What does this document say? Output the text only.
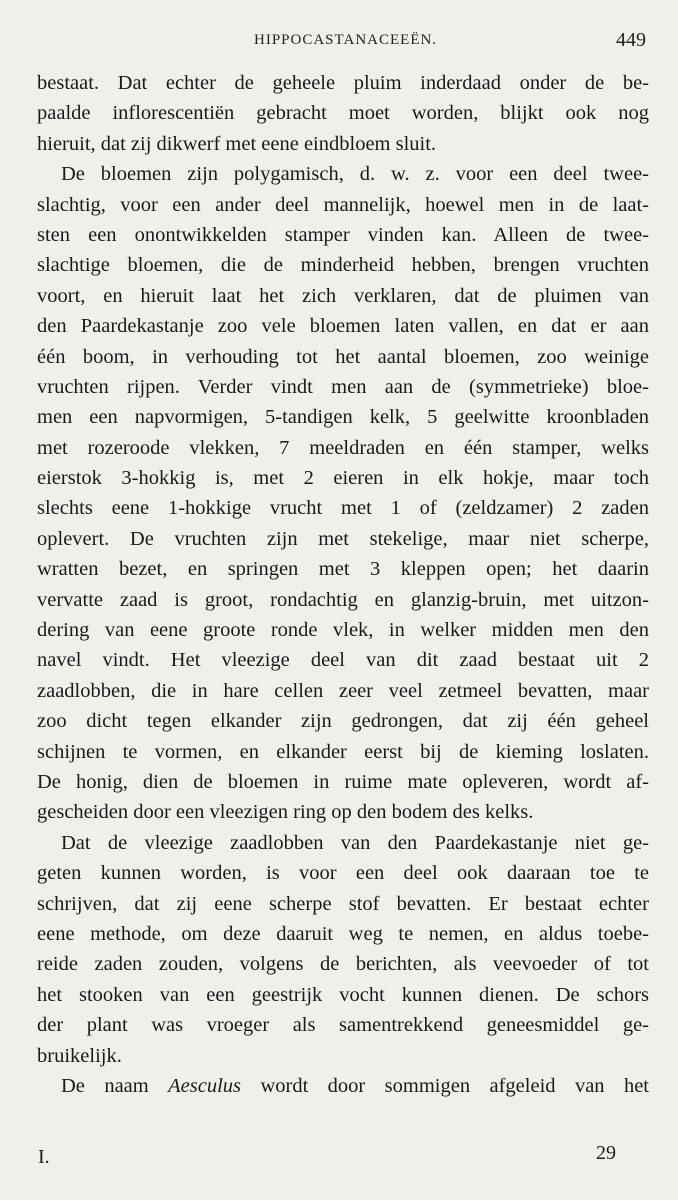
HIPPOCASTANACEEËN.	449
bestaat. Dat echter de geheele pluim inderdaad onder de be-
paalde inflorescentiën gebracht moet worden, blijkt ook nog
hieruit, dat zij dikwerf met eene eindbloem sluit.
De bloemen zijn polygamisch, d. w. z. voor een deel twee-
slachtig, voor een ander deel mannelijk, hoewel men in de laat-
sten een onontwikkelden stamper vinden kan. Alleen de twee-
slachtige bloemen, die de minderheid hebben, brengen vruchten
voort, en hieruit laat het zich verklaren, dat de pluimen van
den Paardekastanje zoo vele bloemen laten vallen, en dat er aan
één boom, in verhouding tot het aantal bloemen, zoo weinige
vruchten rijpen. Verder vindt men aan de (symmetrieke) bloe-
men een napvormigen, 5-tandigen kelk, 5 geelwitte kroonbladen
met rozeroode vlekken, 7 meeldraden en één stamper, welks
eierstok 3-hokkig is, met 2 eieren in elk hokje, maar toch
slechts eene 1-hokkige vrucht met 1 of (zeldzamer) 2 zaden
oplevert. De vruchten zijn met stekelige, maar niet scherpe,
wratten bezet, en springen met 3 kleppen open; het daarin
vervatte zaad is groot, rondachtig en glanzig-bruin, met uitzon-
dering van eene groote ronde vlek, in welker midden men den
navel vindt. Het vleezige deel van dit zaad bestaat uit 2
zaadlobben, die in hare cellen zeer veel zetmeel bevatten, maar
zoo dicht tegen elkander zijn gedrongen, dat zij één geheel
schijnen te vormen, en elkander eerst bij de kieming loslaten.
De honig, dien de bloemen in ruime mate opleveren, wordt af-
gescheiden door een vleezigen ring op den bodem des kelks.
Dat de vleezige zaadlobben van den Paardekastanje niet ge-
geten kunnen worden, is voor een deel ook daaraan toe te
schrijven, dat zij eene scherpe stof bevatten. Er bestaat echter
eene methode, om deze daaruit weg te nemen, en aldus toebe-
reide zaden zouden, volgens de berichten, als veevoeder of tot
het stooken van een geestrijk vocht kunnen dienen. De schors
der plant was vroeger als samentrekkend geneesmiddel ge-
bruikelijk.
De naam Aesculus wordt door sommigen afgeleid van het
I.	29
